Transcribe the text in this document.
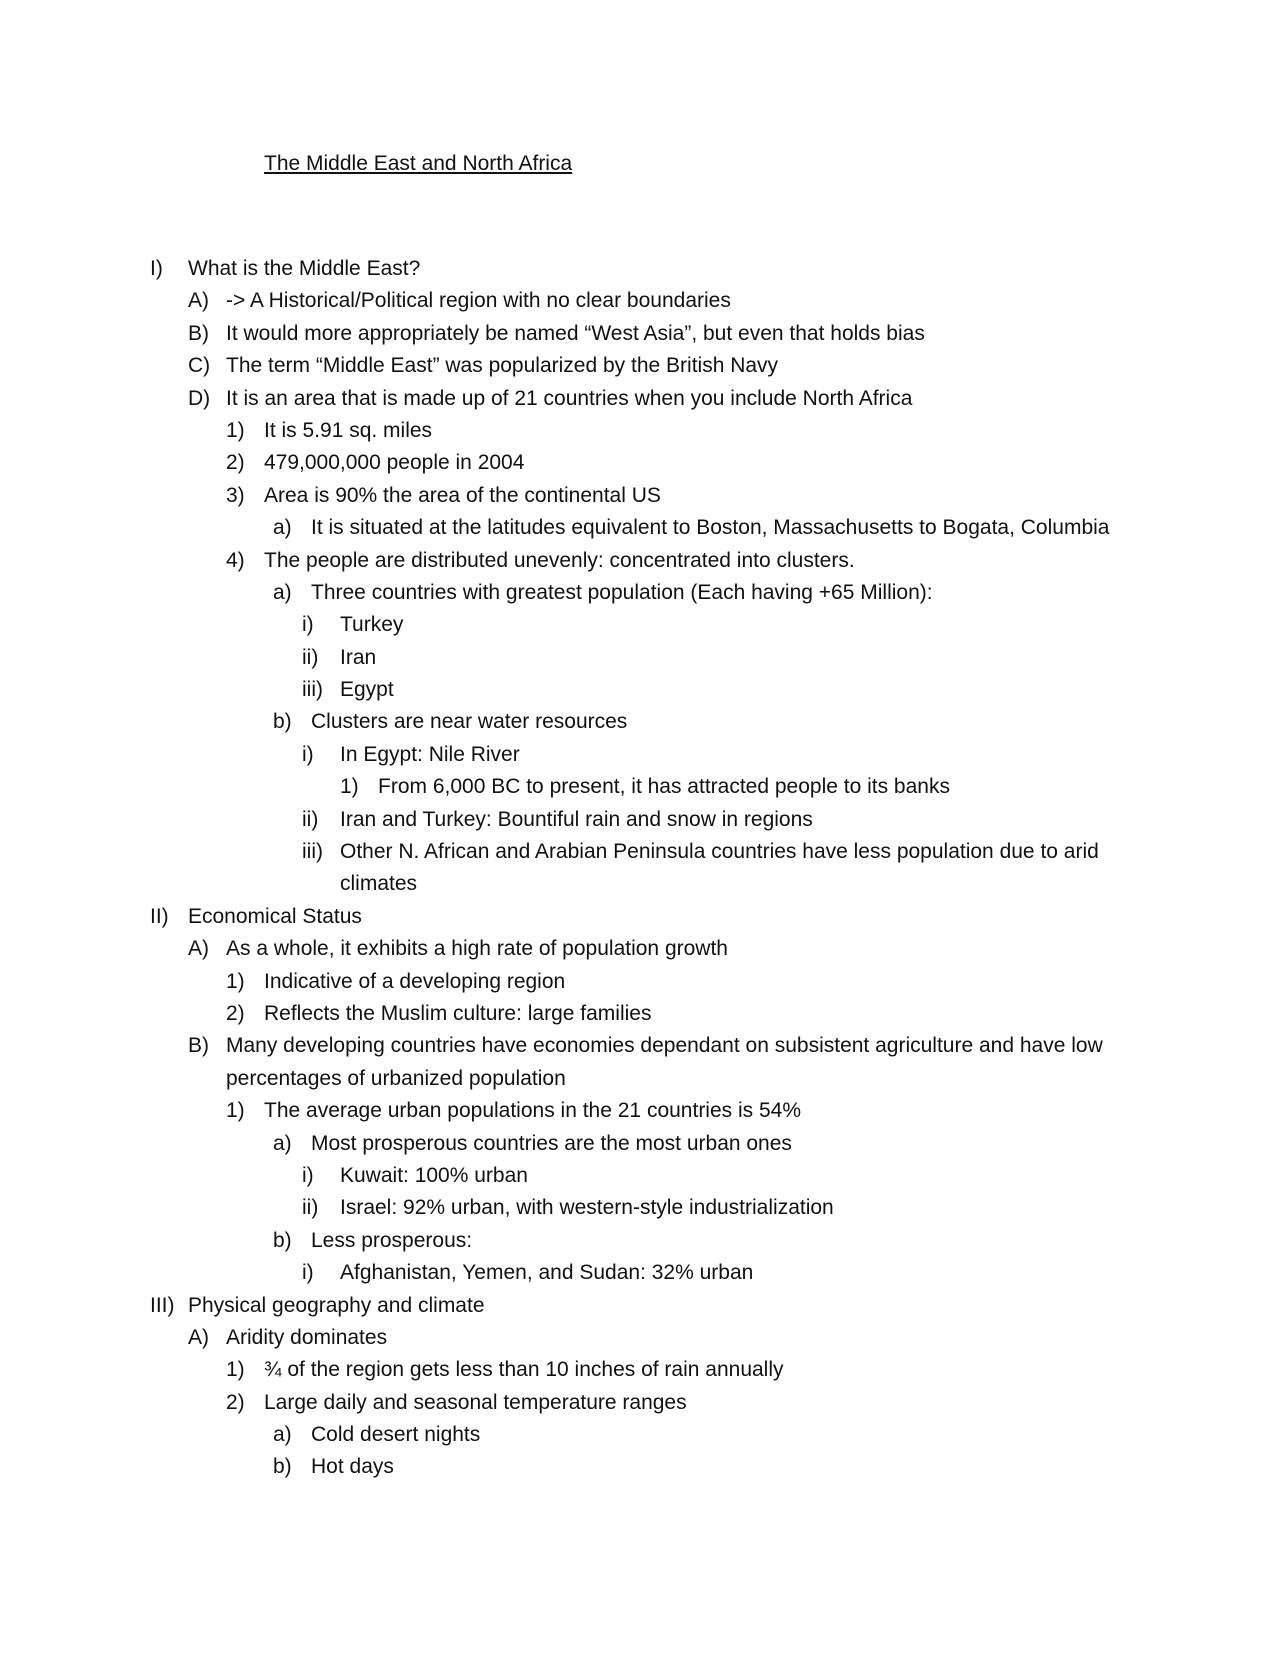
The Middle East and North Africa
I) What is the Middle East?
A) -> A Historical/Political region with no clear boundaries
B) It would more appropriately be named “West Asia”, but even that holds bias
C) The term “Middle East” was popularized by the British Navy
D) It is an area that is made up of 21 countries when you include North Africa
1) It is 5.91 sq. miles
2) 479,000,000 people in 2004
3) Area is 90% the area of the continental US
a) It is situated at the latitudes equivalent to Boston, Massachusetts to Bogata, Columbia
4) The people are distributed unevenly: concentrated into clusters.
a) Three countries with greatest population (Each having +65 Million):
i) Turkey
ii) Iran
iii) Egypt
b) Clusters are near water resources
i) In Egypt: Nile River
1) From 6,000 BC to present, it has attracted people to its banks
ii) Iran and Turkey: Bountiful rain and snow in regions
iii) Other N. African and Arabian Peninsula countries have less population due to arid
climates
II) Economical Status
A) As a whole, it exhibits a high rate of population growth
1) Indicative of a developing region
2) Reflects the Muslim culture: large families
B) Many developing countries have economies dependant on subsistent agriculture and have low
percentages of urbanized population
1) The average urban populations in the 21 countries is 54%
a) Most prosperous countries are the most urban ones
i) Kuwait: 100% urban
ii) Israel: 92% urban, with western-style industrialization
b) Less prosperous:
i) Afghanistan, Yemen, and Sudan: 32% urban
III) Physical geography and climate
A) Aridity dominates
1) ¾ of the region gets less than 10 inches of rain annually
2) Large daily and seasonal temperature ranges
a) Cold desert nights
b) Hot days
